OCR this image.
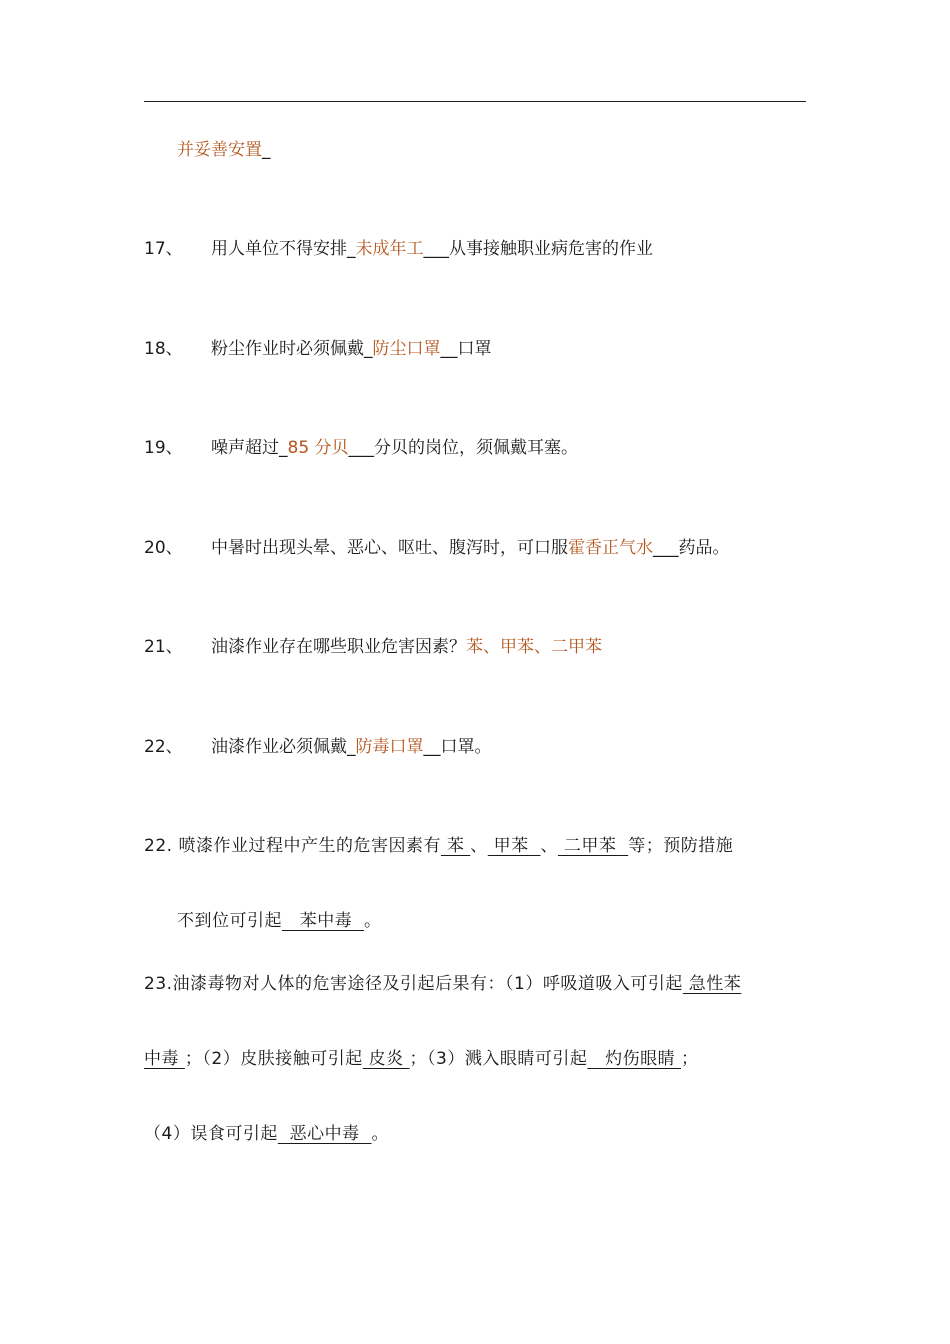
并妥善安置_
17、 用人单位不得安排_未成年工___从事接触职业病危害的作业
18、 粉尘作业时必须佩戴_防尘口罩__口罩
19、 噪声超过_85 分贝___分贝的岗位，须佩戴耳塞。
20、 中暑时出现头晕、恶心、呕吐、腹泻时，可口服霍香正气水___药品。
21、 油漆作业存在哪些职业危害因素？苯、甲苯、二甲苯
22、 油漆作业必须佩戴_防毒口罩__口罩。
22. 喷漆作业过程中产生的危害因素有 苯 、 甲苯  、 二甲苯  等；预防措施
不到位可引起   苯中毒  。
23.油漆毒物对人体的危害途径及引起后果有：（1）呼吸道吸入可引起 急性苯
中毒 ；（2）皮肤接触可引起 皮炎 ；（3）溅入眼睛可引起   灼伤眼睛 ；
（4）误食可引起  恶心中毒  。
